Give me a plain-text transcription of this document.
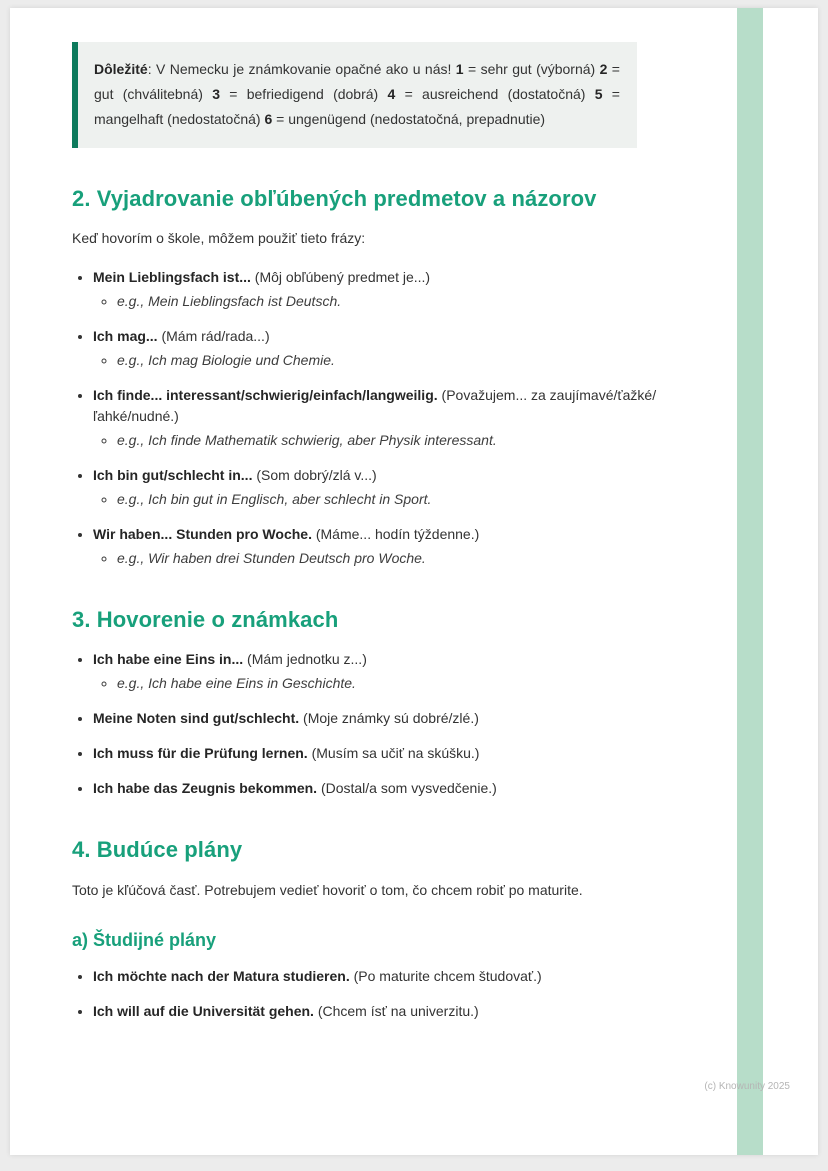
Dôležité: V Nemecku je známkovanie opačné ako u nás! 1 = sehr gut (výborná) 2 = gut (chválitebná) 3 = befriedigend (dobrá) 4 = ausreichend (dostatočná) 5 = mangelhaft (nedostatočná) 6 = ungenügend (nedostatočná, prepadnutie)

2. Vyjadrovanie obľúbených predmetov a názorov

Keď hovorím o škole, môžem použiť tieto frázy:

• Mein Lieblingsfach ist... (Môj obľúbený predmet je...)
◦ e.g., Mein Lieblingsfach ist Deutsch.
• Ich mag... (Mám rád/rada...)
◦ e.g., Ich mag Biologie und Chemie.
• Ich finde... interessant/schwierig/einfach/langweilig. (Považujem... za zaujímavé/ťažké/ľahké/nudné.)
◦ e.g., Ich finde Mathematik schwierig, aber Physik interessant.
• Ich bin gut/schlecht in... (Som dobrý/zlá v...)
◦ e.g., Ich bin gut in Englisch, aber schlecht in Sport.
• Wir haben... Stunden pro Woche. (Máme... hodín týždenne.)
◦ e.g., Wir haben drei Stunden Deutsch pro Woche.
3. Hovorenie o známkach
• Ich habe eine Eins in... (Mám jednotku z...)
◦ e.g., Ich habe eine Eins in Geschichte.
• Meine Noten sind gut/schlecht. (Moje známky sú dobré/zlé.)
• Ich muss für die Prüfung lernen. (Musím sa učiť na skúšku.)
• Ich habe das Zeugnis bekommen. (Dostal/a som vysvedčenie.)
4. Budúce plány

Toto je kľúčová časť. Potrebujem vedieť hovoriť o tom, čo chcem robiť po maturite.

a) Študijné plány
• Ich möchte nach der Matura studieren. (Po maturite chcem študovať.)
• Ich will auf die Universität gehen. (Chcem ísť na univerzitu.)
(c) Knowunity 2025
